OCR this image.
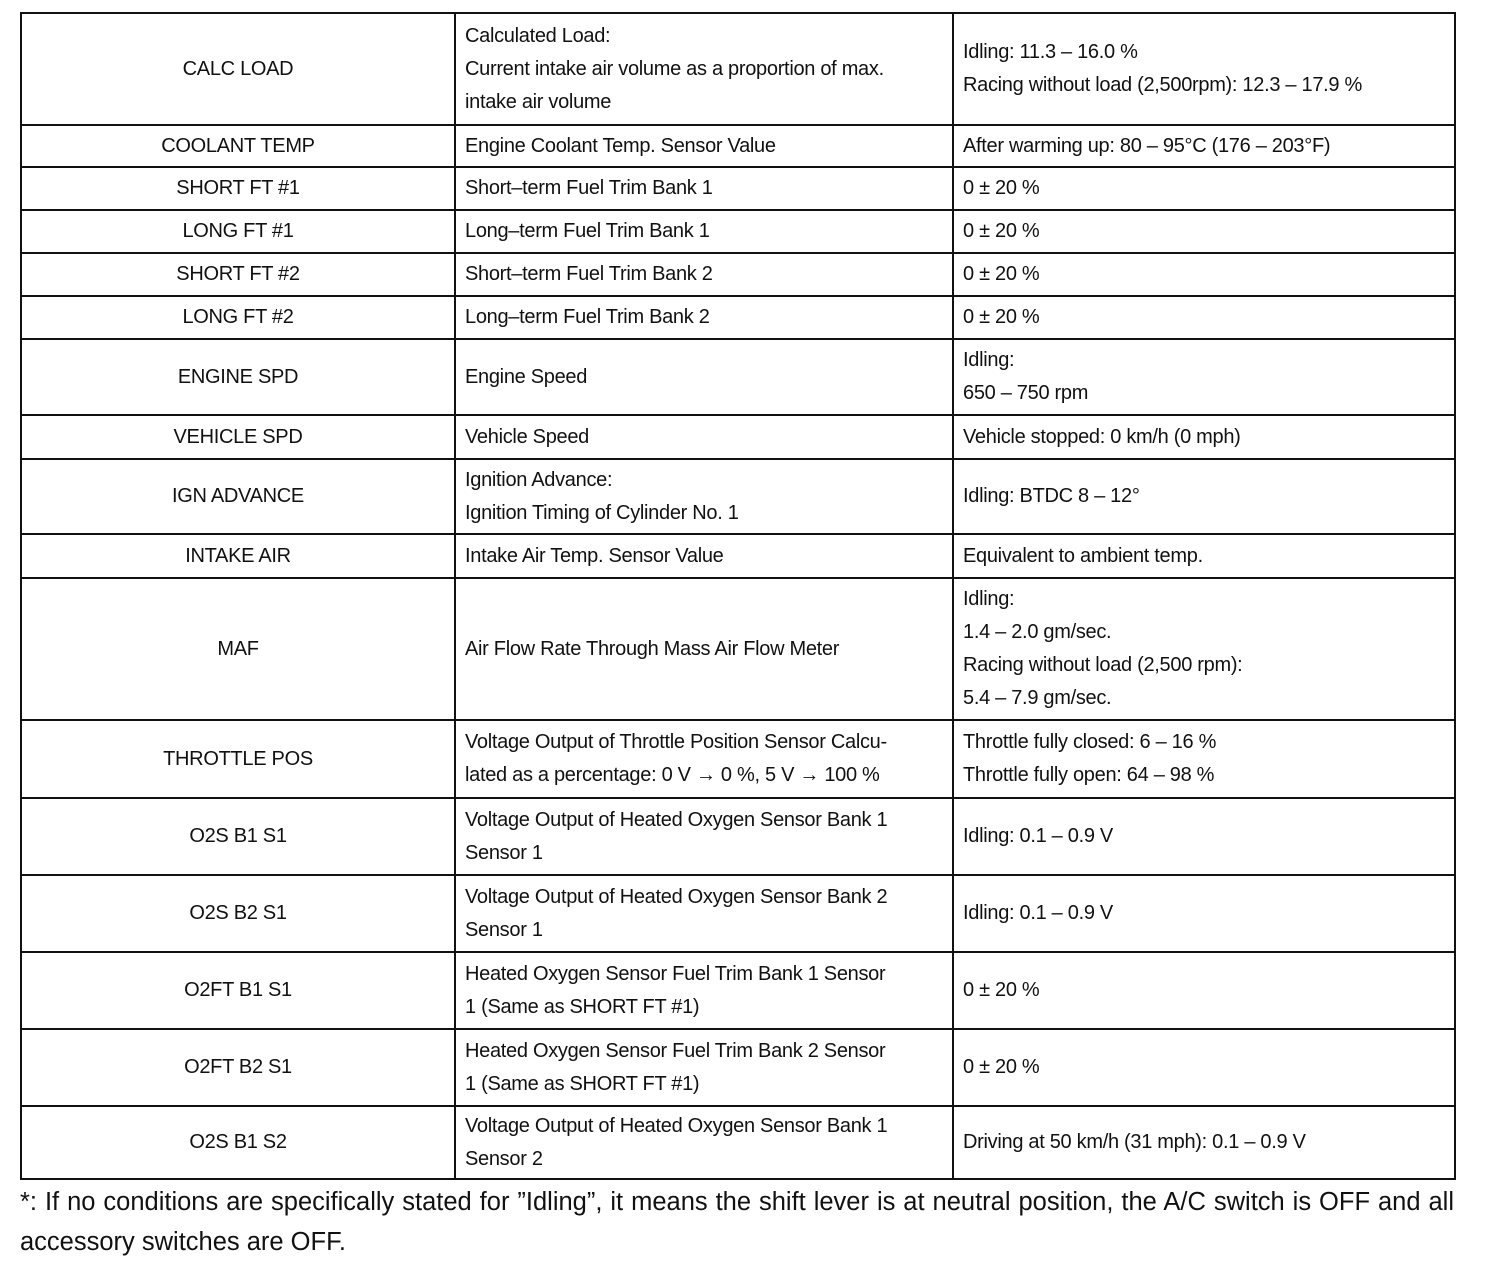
CALC LOAD	Calculated Load:
Current intake air volume as a proportion of max.
intake air volume	Idling: 11.3 – 16.0 %
Racing without load (2,500rpm): 12.3 – 17.9 %

COOLANT TEMP	Engine Coolant Temp. Sensor Value	After warming up: 80 – 95°C (176 – 203°F)

SHORT FT #1	Short–term Fuel Trim Bank 1	0 ± 20 %

LONG FT #1	Long–term Fuel Trim Bank 1	0 ± 20 %

SHORT FT #2	Short–term Fuel Trim Bank 2	0 ± 20 %

LONG FT #2	Long–term Fuel Trim Bank 2	0 ± 20 %

ENGINE SPD	Engine Speed	Idling:
650 – 750 rpm

VEHICLE SPD	Vehicle Speed	Vehicle stopped: 0 km/h (0 mph)

IGN ADVANCE	Ignition Advance:
Ignition Timing of Cylinder No. 1	Idling: BTDC 8 – 12°

INTAKE AIR	Intake Air Temp. Sensor Value	Equivalent to ambient temp.

MAF	Air Flow Rate Through Mass Air Flow Meter	Idling:
1.4 – 2.0 gm/sec.
Racing without load (2,500 rpm):
5.4 – 7.9 gm/sec.

THROTTLE POS	Voltage Output of Throttle Position Sensor Calcu-
lated as a percentage: 0 V → 0 %, 5 V → 100 %	Throttle fully closed: 6 – 16 %
Throttle fully open: 64 – 98 %

O2S B1 S1	Voltage Output of Heated Oxygen Sensor Bank 1
Sensor 1	Idling: 0.1 – 0.9 V

O2S B2 S1	Voltage Output of Heated Oxygen Sensor Bank 2
Sensor 1	Idling: 0.1 – 0.9 V

O2FT B1 S1	Heated Oxygen Sensor Fuel Trim Bank 1 Sensor
1 (Same as SHORT FT #1)	0 ± 20 %

O2FT B2 S1	Heated Oxygen Sensor Fuel Trim Bank 2 Sensor
1 (Same as SHORT FT #1)	0 ± 20 %

O2S B1 S2	Voltage Output of Heated Oxygen Sensor Bank 1
Sensor 2	Driving at 50 km/h (31 mph): 0.1 – 0.9 V
*: If no conditions are specifically stated for ”Idling”, it means the shift lever is at neutral position, the A/C switch is OFF and all accessory switches are OFF.
